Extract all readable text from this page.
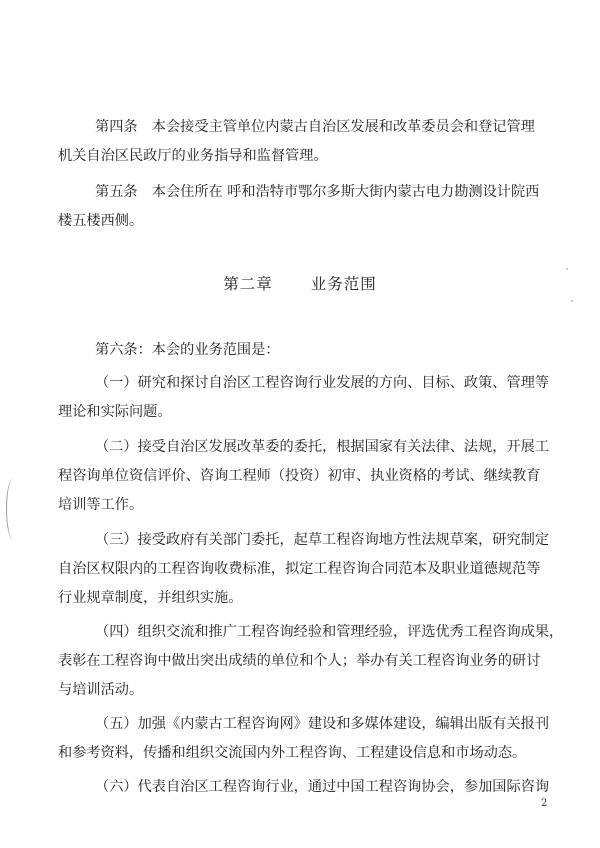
第四条　本会接受主管单位内蒙古自治区发展和改革委员会和登记管理
机关自治区民政厅的业务指导和监督管理。
第五条　本会住所在 呼和浩特市鄂尔多斯大街内蒙古电力勘测设计院西
楼五楼西侧。
第二章 业务范围
第六条：本会的业务范围是：
（一）研究和探讨自治区工程咨询行业发展的方向、目标、政策、管理等
理论和实际问题。
（二）接受自治区发展改革委的委托，根据国家有关法律、法规，开展工
程咨询单位资信评价、咨询工程师（投资）初审、执业资格的考试、继续教育
培训等工作。
（三）接受政府有关部门委托，起草工程咨询地方性法规草案，研究制定
自治区权限内的工程咨询收费标准，拟定工程咨询合同范本及职业道德规范等
行业规章制度，并组织实施。
（四）组织交流和推广工程咨询经验和管理经验，评选优秀工程咨询成果，
表彰在工程咨询中做出突出成绩的单位和个人；举办有关工程咨询业务的研讨
与培训活动。
（五）加强《内蒙古工程咨询网》建设和多媒体建设，编辑出版有关报刊
和参考资料，传播和组织交流国内外工程咨询、工程建设信息和市场动态。
（六）代表自治区工程咨询行业，通过中国工程咨询协会，参加国际咨询
2
